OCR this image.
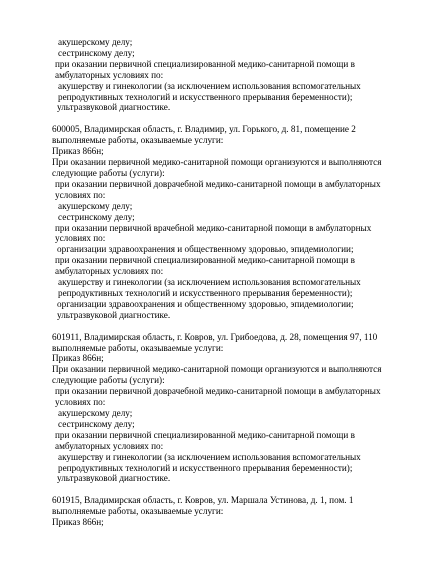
акушерскому делу;

сестринскому делу;

при оказании первичной специализированной медико-санитарной помощи в амбулаторных условиях по:

акушерству и гинекологии (за исключением использования вспомогательных репродуктивных технологий и искусственного прерывания беременности);

ультразвуковой диагностике.

600005, Владимирская область, г. Владимир, ул. Горького, д. 81, помещение 2

выполняемые работы, оказываемые услуги:

Приказ 866н;

При оказании первичной медико-санитарной помощи организуются и выполняются следующие работы (услуги):

при оказании первичной доврачебной медико-санитарной помощи в амбулаторных условиях по:

акушерскому делу;

сестринскому делу;

при оказании первичной врачебной медико-санитарной помощи в амбулаторных условиях по:

организации здравоохранения и общественному здоровью, эпидемиологии;

при оказании первичной специализированной медико-санитарной помощи в амбулаторных условиях по:

акушерству и гинекологии (за исключением использования вспомогательных репродуктивных технологий и искусственного прерывания беременности);

организации здравоохранения и общественному здоровью, эпидемиологии;

ультразвуковой диагностике.

601911, Владимирская область, г. Ковров, ул. Грибоедова, д. 28, помещения 97, 110

выполняемые работы, оказываемые услуги:

Приказ 866н;

При оказании первичной медико-санитарной помощи организуются и выполняются следующие работы (услуги):

при оказании первичной доврачебной медико-санитарной помощи в амбулаторных условиях по:

акушерскому делу;

сестринскому делу;

при оказании первичной специализированной медико-санитарной помощи в амбулаторных условиях по:

акушерству и гинекологии (за исключением использования вспомогательных репродуктивных технологий и искусственного прерывания беременности);

ультразвуковой диагностике.

601915, Владимирская область, г. Ковров, ул. Маршала Устинова, д. 1, пом. 1

выполняемые работы, оказываемые услуги:

Приказ 866н;
